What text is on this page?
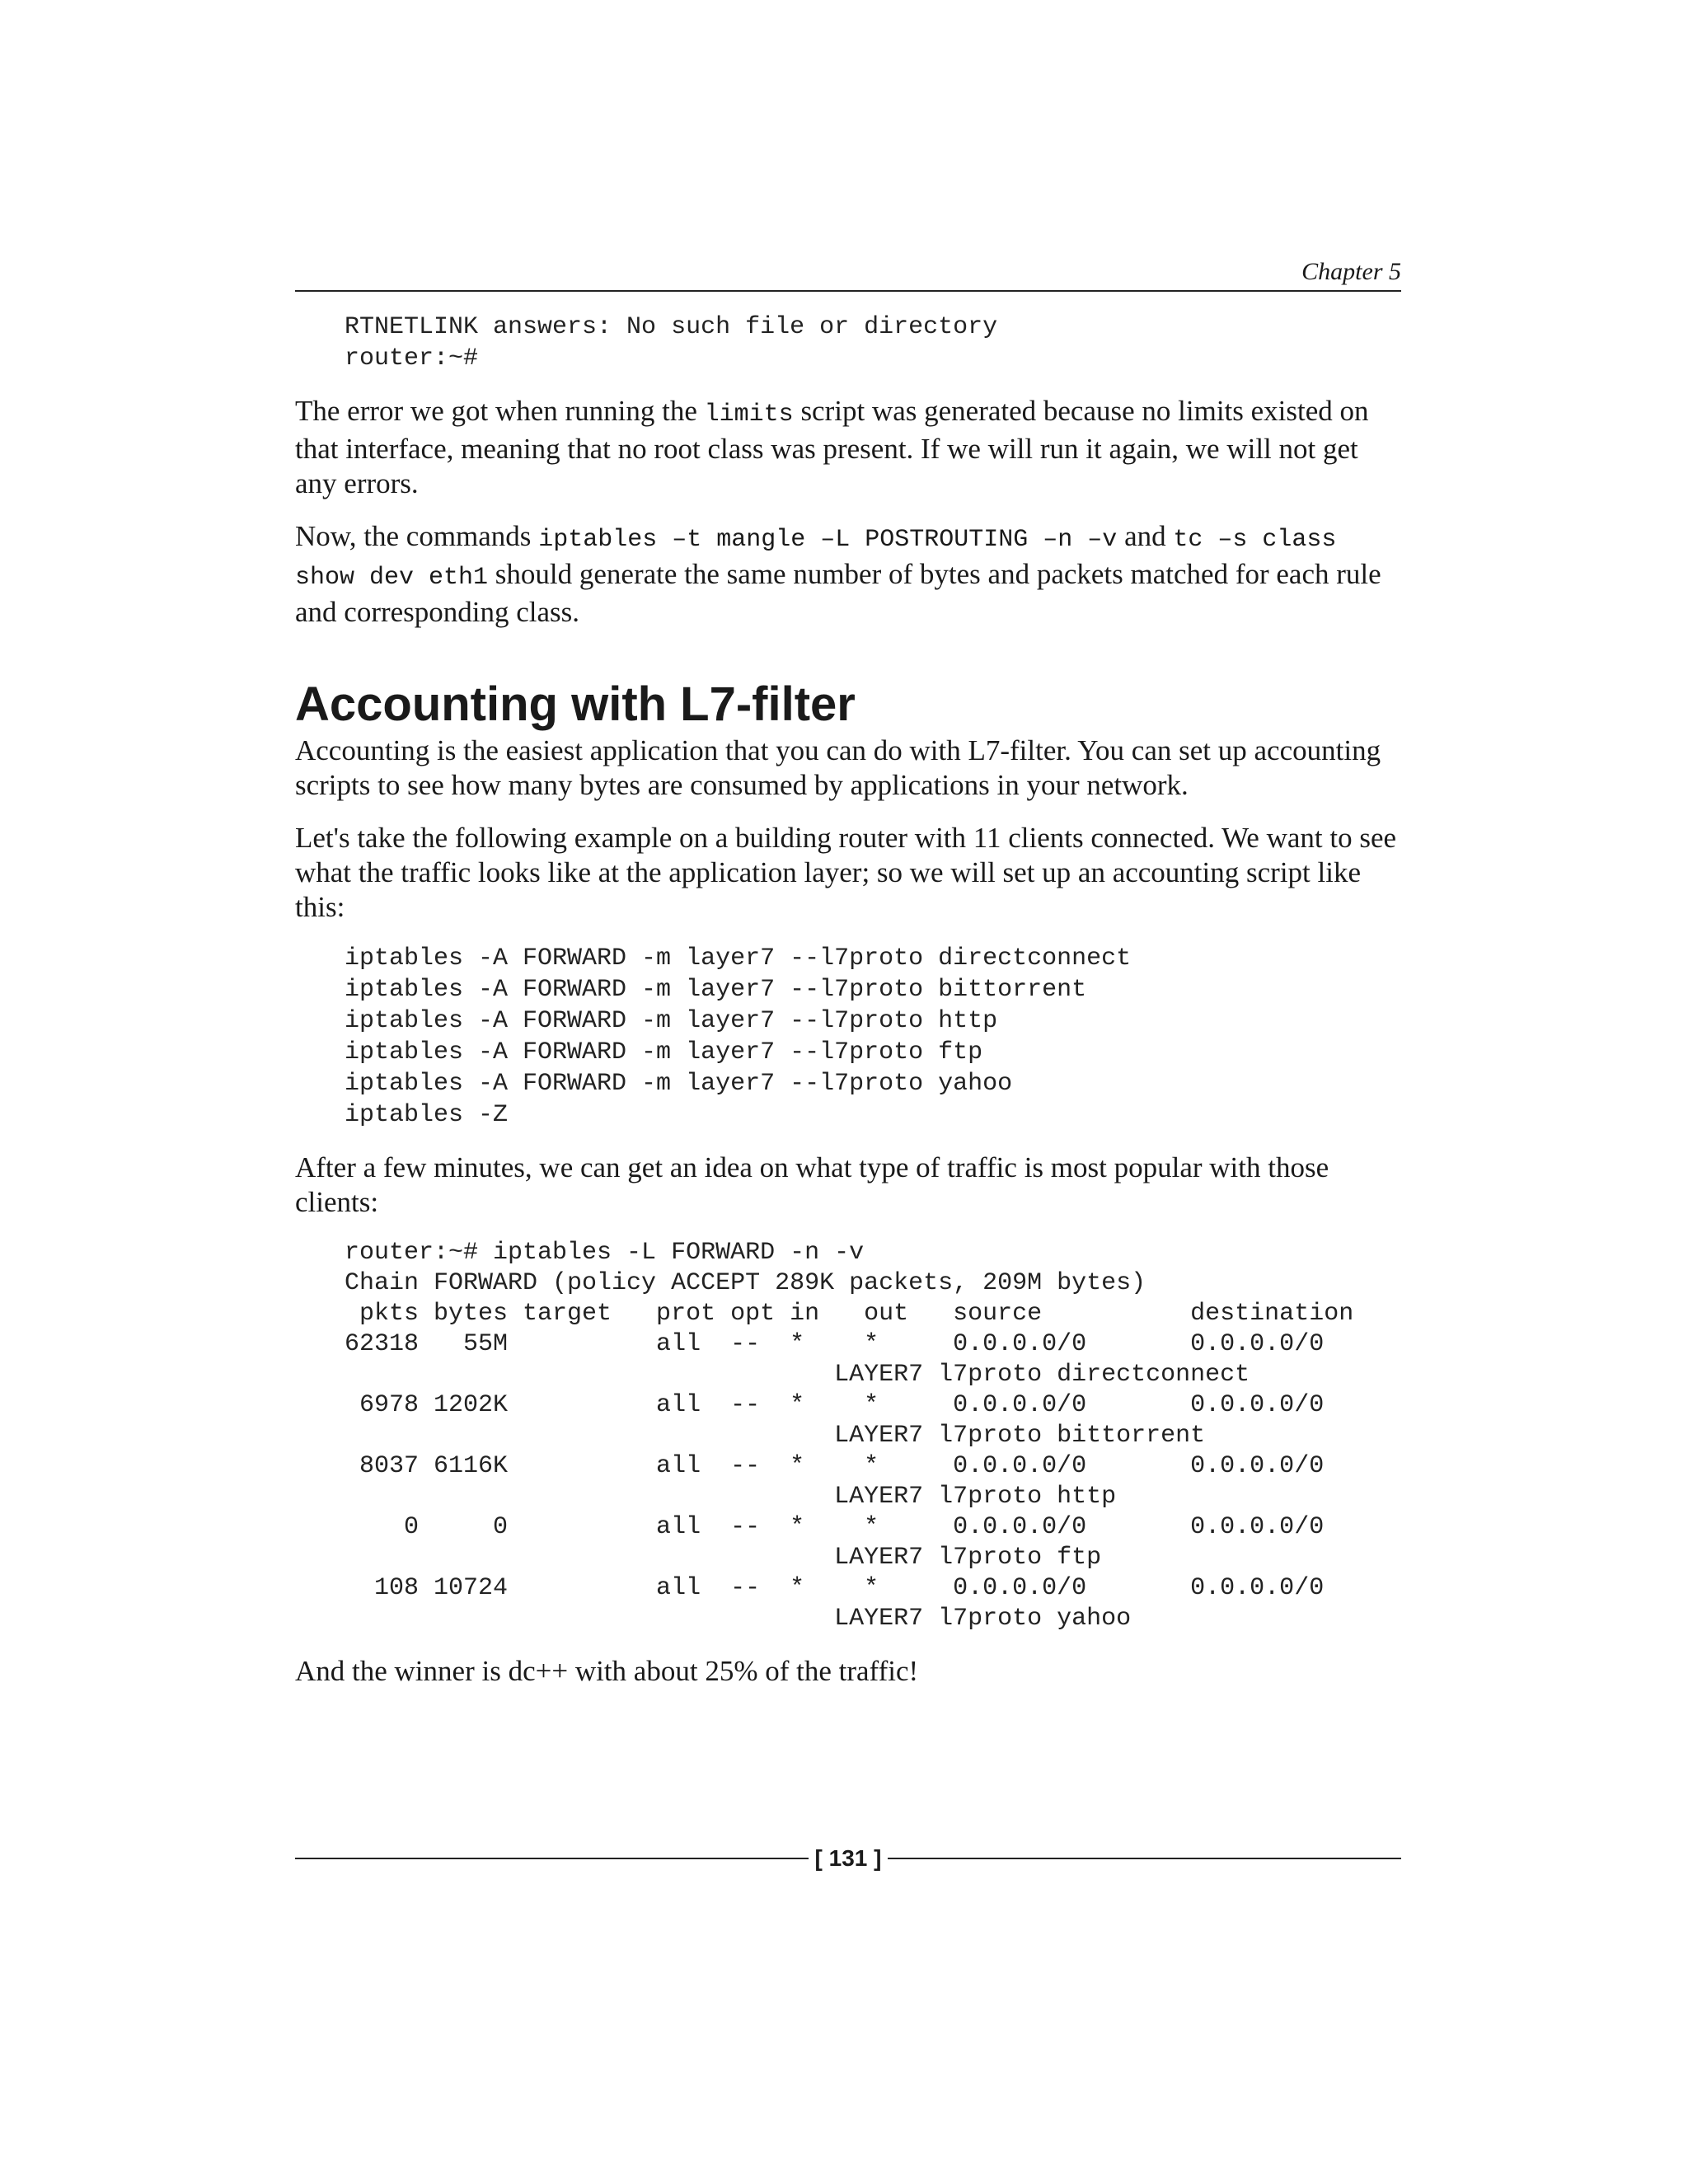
Chapter 5
RTNETLINK answers: No such file or directory
router:~#

The error we got when running the limits script was generated because no limits existed on that interface, meaning that no root class was present. If we will run it again, we will not get any errors.

Now, the commands iptables –t mangle –L POSTROUTING –n –v and tc –s class show dev eth1 should generate the same number of bytes and packets matched for each rule and corresponding class.

Accounting with L7-filter

Accounting is the easiest application that you can do with L7-filter. You can set up accounting scripts to see how many bytes are consumed by applications in your network.

Let's take the following example on a building router with 11 clients connected. We want to see what the traffic looks like at the application layer; so we will set up an accounting script like this:

iptables -A FORWARD -m layer7 --l7proto directconnect
iptables -A FORWARD -m layer7 --l7proto bittorrent
iptables -A FORWARD -m layer7 --l7proto http
iptables -A FORWARD -m layer7 --l7proto ftp
iptables -A FORWARD -m layer7 --l7proto yahoo
iptables -Z

After a few minutes, we can get an idea on what type of traffic is most popular with those clients:

router:~# iptables -L FORWARD -n -v
Chain FORWARD (policy ACCEPT 289K packets, 209M bytes)
pkts bytes target   prot opt in   out   source          destination
62318   55M          all  --  *    *     0.0.0.0/0       0.0.0.0/0
LAYER7 l7proto directconnect
6978 1202K          all  --  *    *     0.0.0.0/0       0.0.0.0/0
LAYER7 l7proto bittorrent
8037 6116K          all  --  *    *     0.0.0.0/0       0.0.0.0/0
LAYER7 l7proto http
0     0          all  --  *    *     0.0.0.0/0       0.0.0.0/0
LAYER7 l7proto ftp
108 10724          all  --  *    *     0.0.0.0/0       0.0.0.0/0
LAYER7 l7proto yahoo

And the winner is dc++ with about 25% of the traffic!

[ 131 ]
